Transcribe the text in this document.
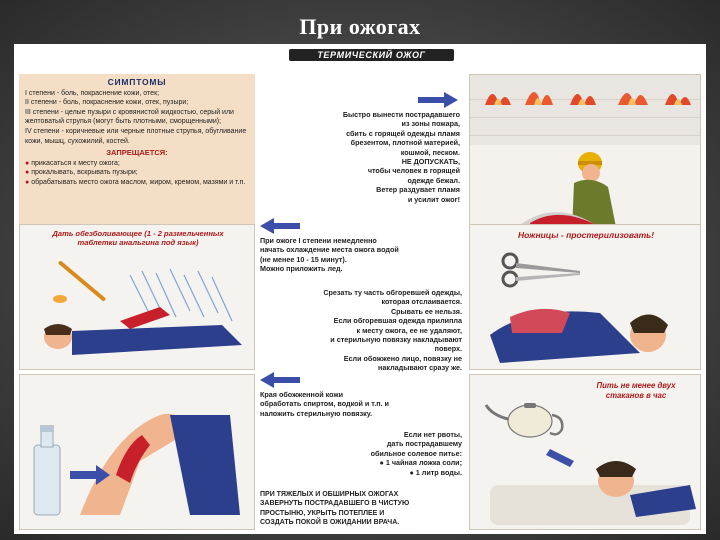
При ожогах
ТЕРМИЧЕСКИЙ ОЖОГ
СИМПТОМЫ

I степени - боль, покраснение кожи, отек;

II степени - боль, покраснение кожи, отек, пузыри;

III степени - целые пузыри с кровянистой жидкостью, серый или желтоватый струпья (могут быть плотными, сморщенными);

IV степени - коричневые или черные плотные струпья, обугливание кожи, мышц, сухожилий, костей.

ЗАПРЕЩАЕТСЯ:

● прикасаться к месту ожога;

● прокалывать, вскрывать пузыри;

● обрабатывать место ожога маслом, жиром, кремом, мазями и т.п.

Быстро вынести пострадавшего
из зоны пожара,
сбить с горящей одежды пламя
брезентом, плотной материей,
кошмой, песком.
НЕ ДОПУСКАТЬ,
чтобы человек в горящей
одежде бежал.
Ветер раздувает пламя
и усилит ожог!
Дать обезболивающее (1 - 2 размельченных таблетки анальгина под язык)	При ожоге I степени немедленно
начать охлаждение места ожога водой
(не менее 10 - 15 минут).
Можно приложить лед.
Ножницы - простерилизовать!
Срезать ту часть обгоревшей одежды,
которая отслаивается.
Срывать ее нельзя.
Если обгоревшая одежда прилипла
к месту ожога, ее не удаляют,
и стерильную повязку накладывают
поверх.
Если обожжено лицо, повязку не
накладывают сразу же.
Края обожженной кожи
обработать спиртом, водкой и т.п. и
наложить стерильную повязку.
Пить не менее двух стаканов в час
Если нет рвоты,
дать пострадавшему
обильное солевое питье:
● 1 чайная ложка соли;
● 1 литр воды.
ПРИ ТЯЖЕЛЫХ И ОБШИРНЫХ ОЖОГАХ
ЗАВЕРНУТЬ ПОСТРАДАВШЕГО В ЧИСТУЮ
ПРОСТЫНЮ, УКРЫТЬ ПОТЕПЛЕЕ И
СОЗДАТЬ ПОКОЙ В ОЖИДАНИИ ВРАЧА.
